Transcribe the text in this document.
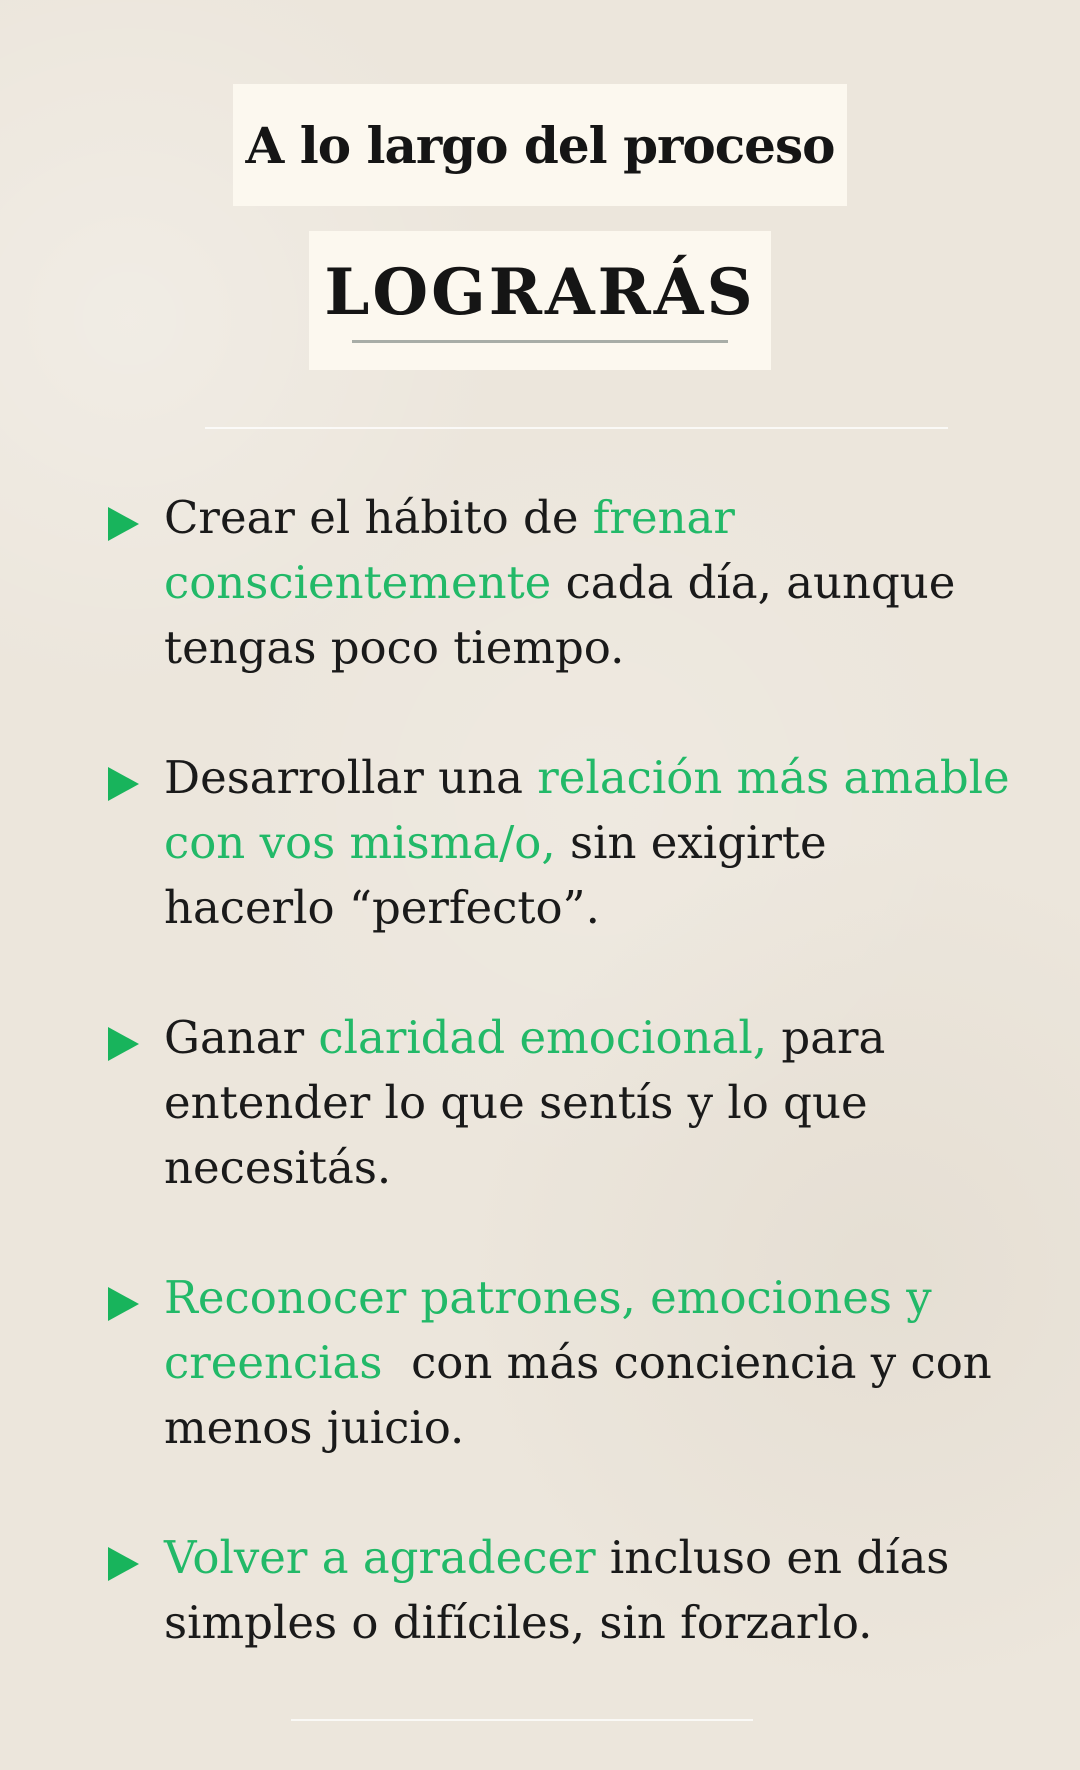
A lo largo del proceso
LOGRARÁS
Crear el hábito de frenar
conscientemente cada día, aunque
tengas poco tiempo.
Desarrollar una relación más amable
con vos misma/o, sin exigirte
hacerlo “perfecto”.
Ganar claridad emocional, para
entender lo que sentís y lo que
necesitás.
Reconocer patrones, emociones y
creencias  con más conciencia y con
menos juicio.
Volver a agradecer incluso en días
simples o difíciles, sin forzarlo.
